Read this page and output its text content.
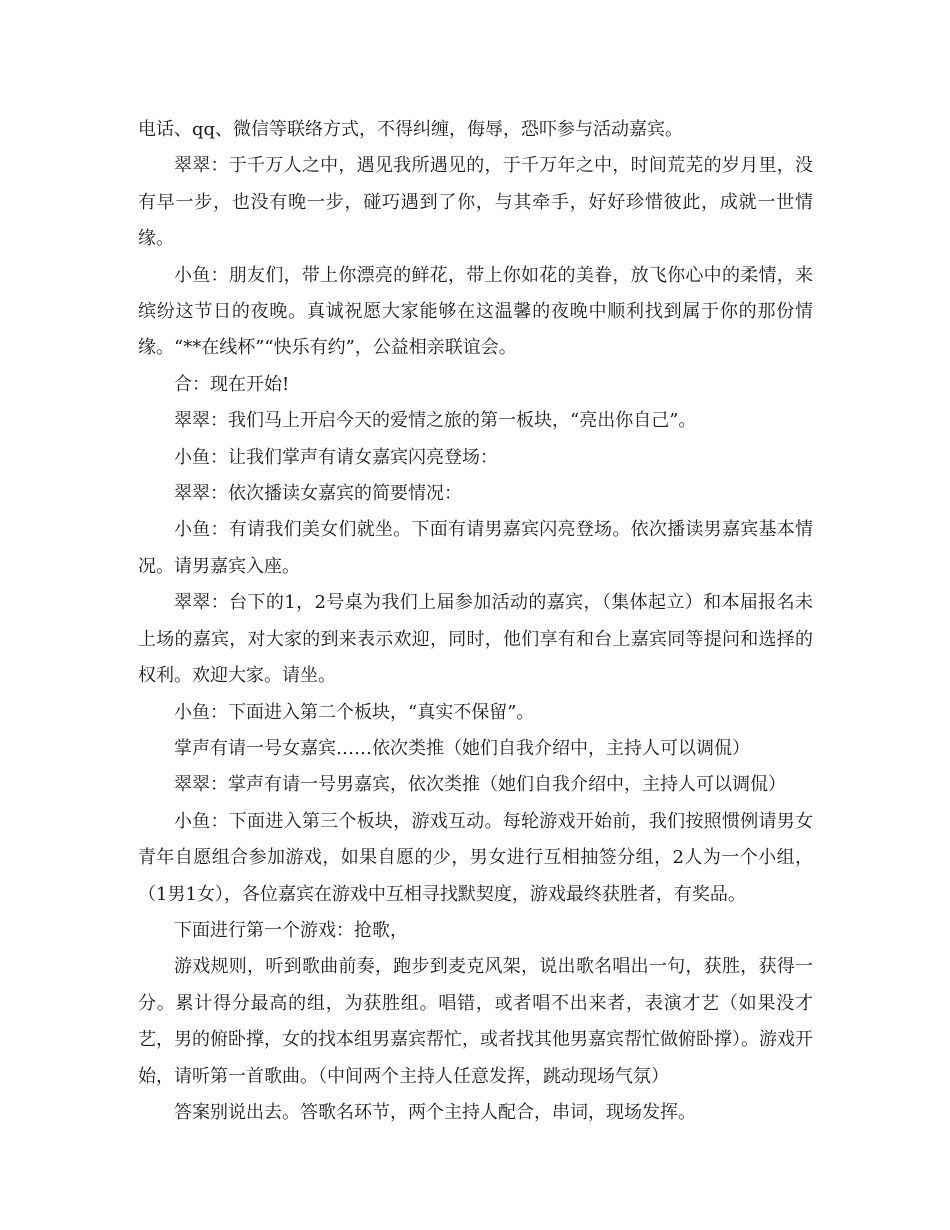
电话、qq、微信等联络方式，不得纠缠，侮辱，恐吓参与活动嘉宾。

翠翠：于千万人之中，遇见我所遇见的，于千万年之中，时间荒芜的岁月里，没有早一步，也没有晚一步，碰巧遇到了你，与其牵手，好好珍惜彼此，成就一世情缘。

小鱼：朋友们，带上你漂亮的鲜花，带上你如花的美眷，放飞你心中的柔情，来缤纷这节日的夜晚。真诚祝愿大家能够在这温馨的夜晚中顺利找到属于你的那份情缘。“**在线杯”“快乐有约”，公益相亲联谊会。

合：现在开始!

翠翠：我们马上开启今天的爱情之旅的第一板块，“亮出你自己”。

小鱼：让我们掌声有请女嘉宾闪亮登场：

翠翠：依次播读女嘉宾的简要情况：

小鱼：有请我们美女们就坐。下面有请男嘉宾闪亮登场。依次播读男嘉宾基本情况。请男嘉宾入座。

翠翠：台下的1，2号桌为我们上届参加活动的嘉宾，（集体起立）和本届报名未上场的嘉宾，对大家的到来表示欢迎，同时，他们享有和台上嘉宾同等提问和选择的权利。欢迎大家。请坐。

小鱼：下面进入第二个板块，“真实不保留”。

掌声有请一号女嘉宾……依次类推（她们自我介绍中，主持人可以调侃）

翠翠：掌声有请一号男嘉宾，依次类推（她们自我介绍中，主持人可以调侃）

小鱼：下面进入第三个板块，游戏互动。每轮游戏开始前，我们按照惯例请男女青年自愿组合参加游戏，如果自愿的少，男女进行互相抽签分组，2人为一个小组，（1男1女），各位嘉宾在游戏中互相寻找默契度，游戏最终获胜者，有奖品。

下面进行第一个游戏：抢歌，

游戏规则，听到歌曲前奏，跑步到麦克风架，说出歌名唱出一句，获胜，获得一分。累计得分最高的组，为获胜组。唱错，或者唱不出来者，表演才艺（如果没才艺，男的俯卧撑，女的找本组男嘉宾帮忙，或者找其他男嘉宾帮忙做俯卧撑）。游戏开始，请听第一首歌曲。（中间两个主持人任意发挥，跳动现场气氛）

答案别说出去。答歌名环节，两个主持人配合，串词，现场发挥。
